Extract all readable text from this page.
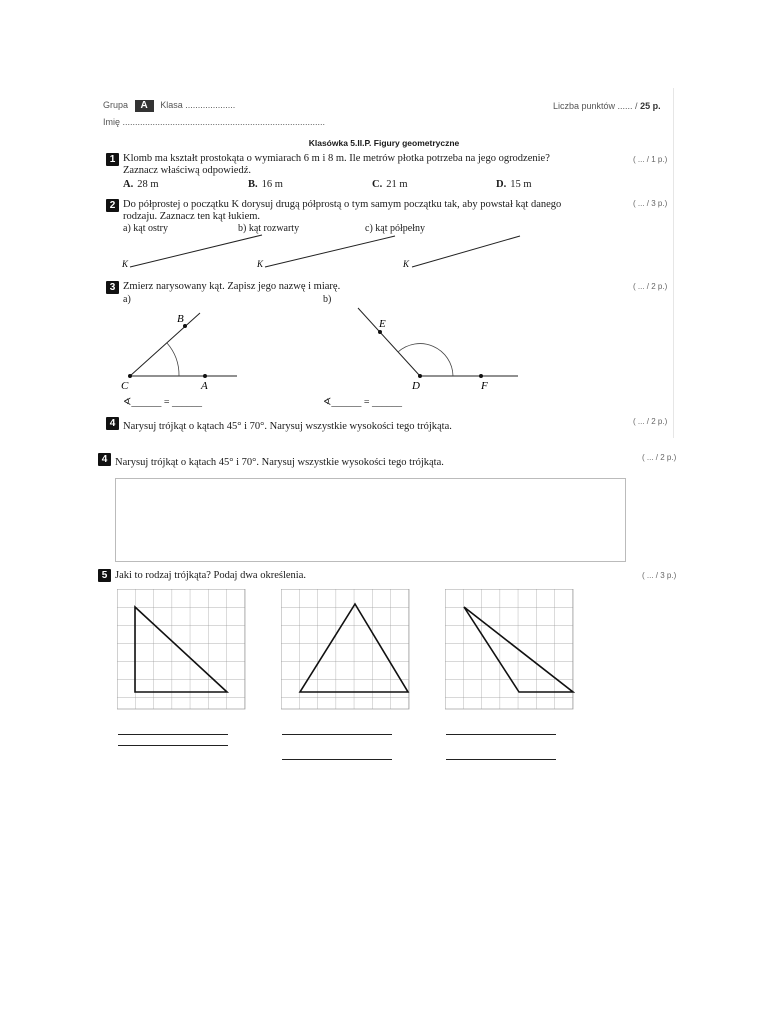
Grupa A Klasa ....................
Imię .................................................................................
Liczba punktów ...... / 25 p.
Klasówka 5.II.P. Figury geometryczne
1 Klomb ma kształt prostokąta o wymiarach 6 m i 8 m. Ile metrów płotka potrzeba na jego ogrodzenie?
Zaznacz właściwą odpowiedź.
( ... / 1 p.)
A. 28 m	B. 16 m	C. 21 m	D. 15 m
2 Do półprostej o początku K dorysuj drugą półprostą o tym samym początku tak, aby powstał kąt danego
rodzaju. Zaznacz ten kąt łukiem.
( ... / 3 p.)
a) kąt ostry	b) kąt rozwarty	c) kąt półpełny
K	K	K
3 Zmierz narysowany kąt. Zapisz jego nazwę i miarę.	( ... / 2 p.)
a)	b)
B
C	A
∢______ = ______
E
D	F
∢______ = ______
4 Narysuj trójkąt o kątach 45° i 70°. Narysuj wszystkie wysokości tego trójkąta.	( ... / 2 p.)
4 Narysuj trójkąt o kątach 45° i 70°. Narysuj wszystkie wysokości tego trójkąta.	( ... / 2 p.)
5 Jaki to rodzaj trójkąta? Podaj dwa określenia.	( ... / 3 p.)
